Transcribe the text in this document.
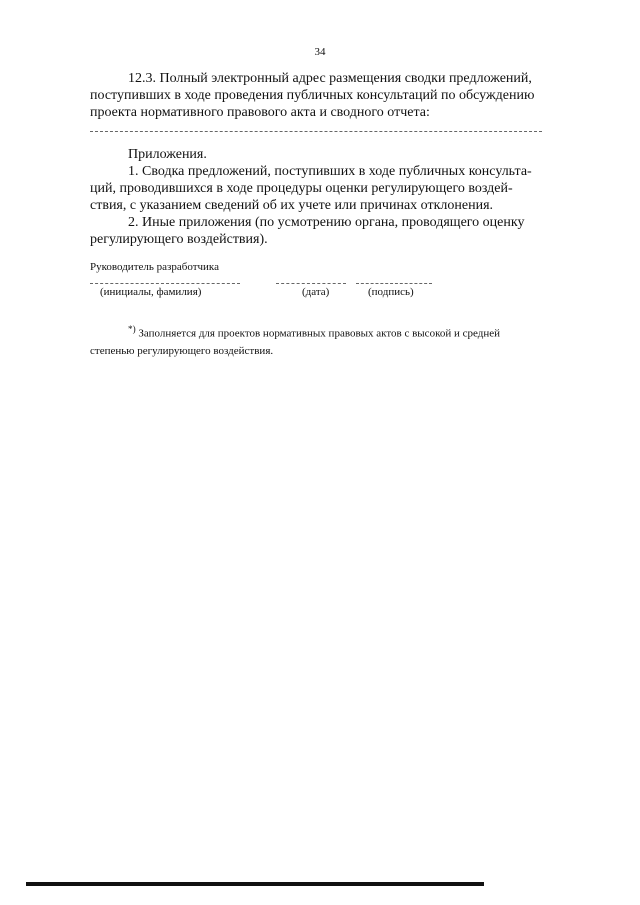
34

12.3. Полный электронный адрес размещения сводки предложений,

поступивших в ходе проведения публичных консультаций по обсуждению

проекта нормативного правового акта и сводного отчета:

Приложения.

1. Сводка предложений, поступивших в ходе публичных консульта-

ций, проводившихся в ходе процедуры оценки регулирующего воздей-

ствия, с указанием сведений об их учете или причинах отклонения.

2. Иные приложения (по усмотрению органа, проводящего оценку

регулирующего воздействия).

Руководитель разработчика
(инициалы, фамилия)	(дата)	(подпись)
*) Заполняется для проектов нормативных правовых актов с высокой и средней
степенью регулирующего воздействия.
